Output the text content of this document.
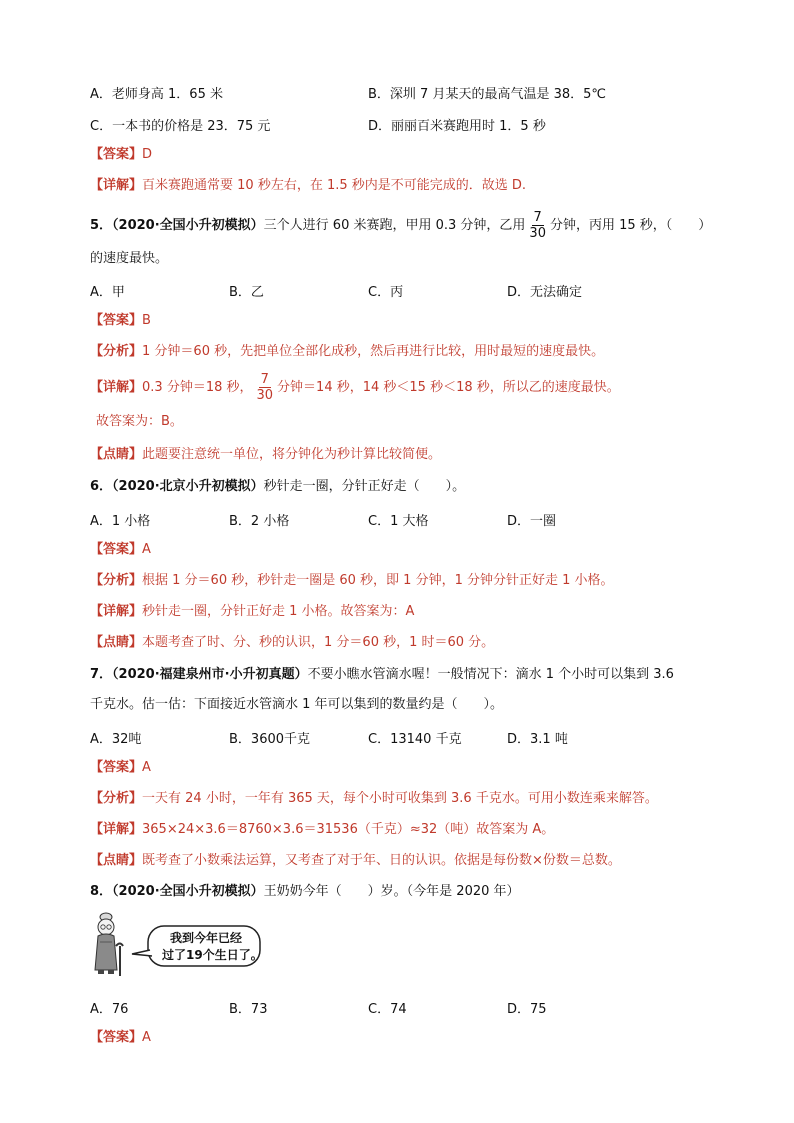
A．老师身高 1．65 米	B．深圳 7 月某天的最高气温是 38．5℃
C．一本书的价格是 23．75 元	D．丽丽百米赛跑用时 1．5 秒
【答案】D
【详解】百米赛跑通常要 10 秒左右，在 1.5 秒内是不可能完成的．故选 D.
5．（2020·全国小升初模拟）三个人进行 60 米赛跑，甲用 0.3 分钟，乙用 $\frac{7}{30}$ 分钟，丙用 15 秒，（　　）
的速度最快。
A．甲	B．乙	C．丙	D．无法确定
【答案】B
【分析】1 分钟＝60 秒，先把单位全部化成秒，然后再进行比较，用时最短的速度最快。
【详解】0.3 分钟＝18 秒， $\frac{7}{30}$ 分钟＝14 秒，14 秒＜15 秒＜18 秒，所以乙的速度最快。
故答案为：B。
【点睛】此题要注意统一单位，将分钟化为秒计算比较简便。
6．（2020·北京小升初模拟）秒针走一圈，分针正好走（　　）。
A．1 小格	B．2 小格	C．1 大格	D．一圈
【答案】A
【分析】根据 1 分＝60 秒，秒针走一圈是 60 秒，即 1 分钟，1 分钟分针正好走 1 小格。
【详解】秒针走一圈，分针正好走 1 小格。故答案为：A
【点睛】本题考查了时、分、秒的认识，1 分＝60 秒，1 时＝60 分。
7．（2020·福建泉州市·小升初真题）不要小瞧水管滴水喔！一般情况下：滴水 1 个小时可以集到 3.6
千克水。估一估：下面接近水管滴水 1 年可以集到的数量约是（　　）。
A．32吨	B．3600千克	C．13140 千克	D．3.1 吨
【答案】A
【分析】一天有 24 小时，一年有 365 天，每个小时可收集到 3.6 千克水。可用小数连乘来解答。
【详解】365×24×3.6＝8760×3.6＝31536（千克）≈32（吨）故答案为 A。
【点睛】既考查了小数乘法运算，又考查了对于年、日的认识。依据是每份数×份数＝总数。
8．（2020·全国小升初模拟）王奶奶今年（　　）岁。（今年是 2020 年）
我到今年已经
过了19个生日了。
A．76	B．73	C．74	D．75
【答案】A
